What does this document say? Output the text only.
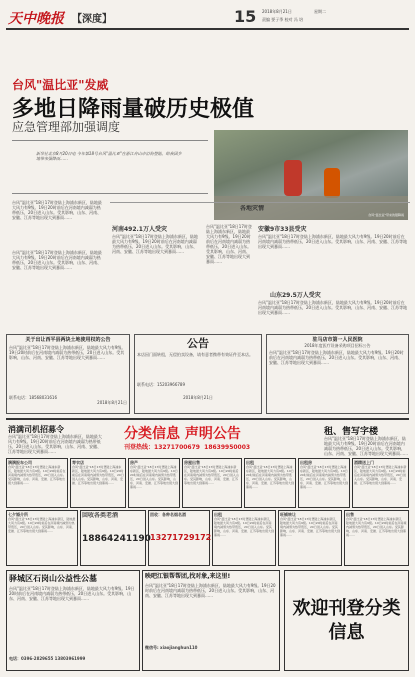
天中晚报 【深度】	15 2018年8月21日	星期二
责编 要子季 校对 冯 培
台风"温比亚"发威
多地日降雨量破历史极值
应急管理部加强调度
新华社北京8月20日电 今年第18号台风"温比亚"在浙江舟山市沿海登陆，给我国多地带来强降雨……
台风"温比亚"带来的强降雨
台风"温比亚"18日17时登陆上海浦东新区，陆地最大风力有9级。19日20时前后在河南境内减弱为热带低压，20日进入山东。受其影响，山东、河南、安徽、江苏等地出现大到暴雨……
台风"温比亚"18日17时登陆上海浦东新区，陆地最大风力有9级。19日20时前后在河南境内减弱为热带低压，20日进入山东。受其影响，山东、河南、安徽、江苏等地出现大到暴雨……
各地灾情
河南492.1万人受灾
台风"温比亚"18日17时登陆上海浦东新区，陆地最大风力有9级。19日20时前后在河南境内减弱为热带低压，20日进入山东。受其影响，山东、河南、安徽、江苏等地出现大到暴雨……
台风"温比亚"18日17时登陆上海浦东新区，陆地最大风力有9级。19日20时前后在河南境内减弱为热带低压，20日进入山东。受其影响，山东、河南、安徽、江苏等地出现大到暴雨……
安徽9市33县受灾
台风"温比亚"18日17时登陆上海浦东新区，陆地最大风力有9级。19日20时前后在河南境内减弱为热带低压，20日进入山东。受其影响，山东、河南、安徽、江苏等地出现大到暴雨……
山东29.5万人受灾
台风"温比亚"18日17时登陆上海浦东新区，陆地最大风力有9级。19日20时前后在河南境内减弱为热带低压，20日进入山东。受其影响，山东、河南、安徽、江苏等地出现大到暴雨……
关于出让西平县两块土地使用权的公告
台风"温比亚"18日17时登陆上海浦东新区，陆地最大风力有9级。19日20时前后在河南境内减弱为热带低压，20日进入山东。受其影响，山东、河南、安徽、江苏等地出现大到暴雨……
联系电话：18568031616
2018年8月21日
公告
本店因门面转租，无偿拍卖设备，请有意者携带有效证件至本店。
联系电话：15203966789
2018年8月21日
驻马店市第一人民医院
2018年度医疗设备采购项目招标公告
台风"温比亚"18日17时登陆上海浦东新区，陆地最大风力有9级。19日20时前后在河南境内减弱为热带低压，20日进入山东。受其影响，山东、河南、安徽、江苏等地出现大到暴雨……
消满司机招募令
台风"温比亚"18日17时登陆上海浦东新区，陆地最大风力有9级。19日20时前后在河南境内减弱为热带低压，20日进入山东。受其影响，山东、河南、安徽、江苏等地出现大到暴雨……
分类信息 声明公告
刊登热线：13271700679 18639950003
租、售写字楼
台风"温比亚"18日17时登陆上海浦东新区，陆地最大风力有9级。19日20时前后在河南境内减弱为热带低压，20日进入山东。受其影响，山东、河南、安徽、江苏等地出现大到暴雨……
满满报车公司
台风"温比亚"18日17时登陆上海浦东新区，陆地最大风力有9级。19日20时前后在河南境内减弱为热带低压，20日进入山东。受其影响，山东、河南、安徽、江苏等地出现大到暴雨……
寿衣店
台风"温比亚"18日17时登陆上海浦东新区，陆地最大风力有9级。19日20时前后在河南境内减弱为热带低压，20日进入山东。受其影响，山东、河南、安徽、江苏等地出现大到暴雨……
房产
台风"温比亚"18日17时登陆上海浦东新区，陆地最大风力有9级。19日20时前后在河南境内减弱为热带低压，20日进入山东。受其影响，山东、河南、安徽、江苏等地出现大到暴雨……
房屋出售
台风"温比亚"18日17时登陆上海浦东新区，陆地最大风力有9级。19日20时前后在河南境内减弱为热带低压，20日进入山东。受其影响，山东、河南、安徽、江苏等地出现大到暴雨……
出租
台风"温比亚"18日17时登陆上海浦东新区，陆地最大风力有9级。19日20时前后在河南境内减弱为热带低压，20日进入山东。受其影响，山东、河南、安徽、江苏等地出现大到暴雨……
出租房
台风"温比亚"18日17时登陆上海浦东新区，陆地最大风力有9级。19日20时前后在河南境内减弱为热带低压，20日进入山东。受其影响，山东、河南、安徽、江苏等地出现大到暴雨……
酒精送上门
台风"温比亚"18日17时登陆上海浦东新区，陆地最大风力有9级。19日20时前后在河南境内减弱为热带低压，20日进入山东。受其影响，山东、河南、安徽、江苏等地出现大到暴雨……
七夕婚介所
台风"温比亚"18日17时登陆上海浦东新区，陆地最大风力有9级。19日20时前后在河南境内减弱为热带低压，20日进入山东。受其影响，山东、河南、安徽、江苏等地出现大到暴雨……
回收各类老酒
18864241190
回收：各种名烟名酒
13271729172
出租
台风"温比亚"18日17时登陆上海浦东新区，陆地最大风力有9级。19日20时前后在河南境内减弱为热带低压，20日进入山东。受其影响，山东、河南、安徽、江苏等地出现大到暴雨……
旺铺转让
台风"温比亚"18日17时登陆上海浦东新区，陆地最大风力有9级。19日20时前后在河南境内减弱为热带低压，20日进入山东。受其影响，山东、河南、安徽、江苏等地出现大到暴雨……
出售
台风"温比亚"18日17时登陆上海浦东新区，陆地最大风力有9级。19日20时前后在河南境内减弱为热带低压，20日进入山东。受其影响，山东、河南、安徽、江苏等地出现大到暴雨……
驿城区石岗山公益性公墓
台风"温比亚"18日17时登陆上海浦东新区，陆地最大风力有9级。19日20时前后在河南境内减弱为热带低压，20日进入山东。受其影响，山东、河南、安徽、江苏等地出现大到暴雨……
电话：0396-2829655 13803961999
映吧江银帮帮团,找对象,来这里!
台风"温比亚"18日17时登陆上海浦东新区，陆地最大风力有9级。19日20时前后在河南境内减弱为热带低压，20日进入山东。受其影响，山东、河南、安徽、江苏等地出现大到暴雨……
微信号: xiaojianghun110
欢迎刊登分类信息
